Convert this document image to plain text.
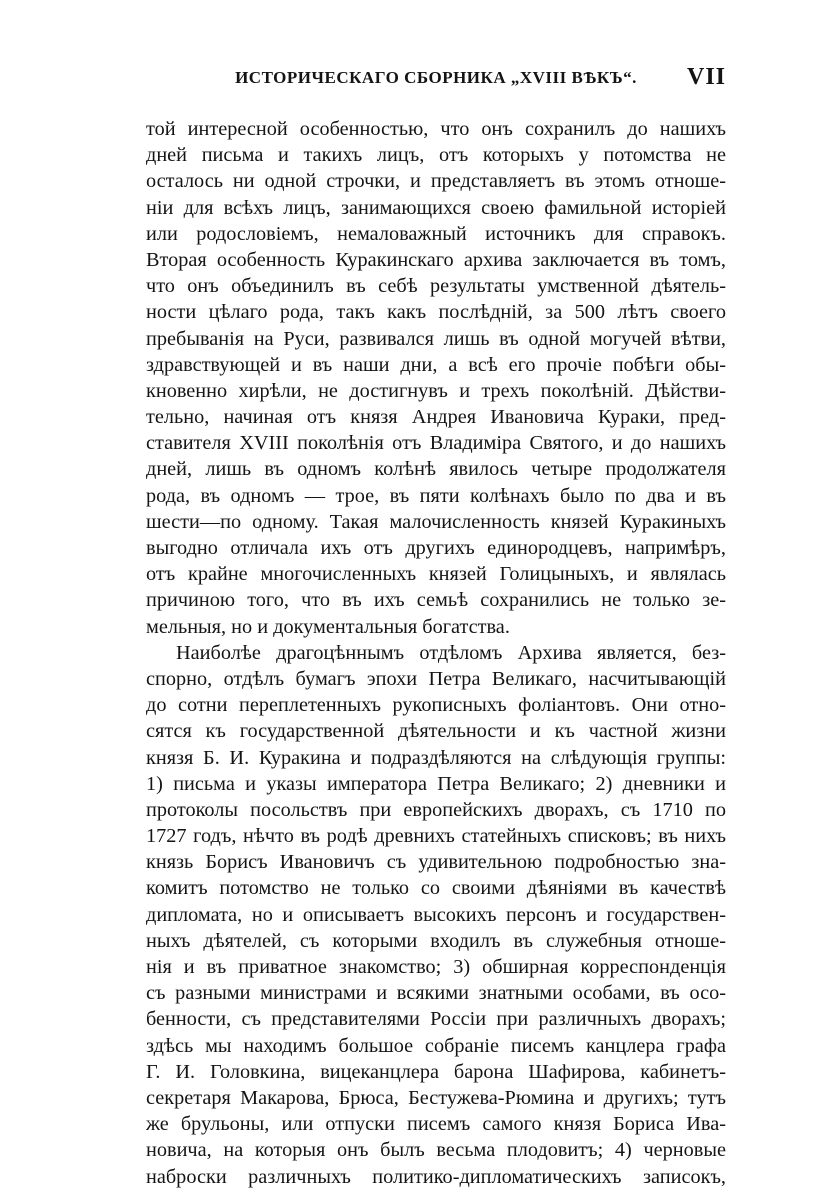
ИСТОРИЧЕСКАГО СБОРНИКА „XVIII ВѢКЪ“.	VII
той интересной особенностью, что онъ сохранилъ до нашихъ
дней письма и такихъ лицъ, отъ которыхъ у потомства не
осталось ни одной строчки, и представляетъ въ этомъ отноше-
ніи для всѣхъ лицъ, занимающихся своею фамильной исторіей
или родословіемъ, немаловажный источникъ для справокъ.
Вторая особенность Куракинскаго архива заключается въ томъ,
что онъ объединилъ въ себѣ результаты умственной дѣятель-
ности цѣлаго рода, такъ какъ послѣдній, за 500 лѣтъ своего
пребыванія на Руси, развивался лишь въ одной могучей вѣтви,
здравствующей и въ наши дни, а всѣ его прочіе побѣги обы-
кновенно хирѣли, не достигнувъ и трехъ поколѣній. Дѣйстви-
тельно, начиная отъ князя Андрея Ивановича Кураки, пред-
ставителя XVIII поколѣнія отъ Владиміра Святого, и до нашихъ
дней, лишь въ одномъ колѣнѣ явилось четыре продолжателя
рода, въ одномъ — трое, въ пяти колѣнахъ было по два и въ
шести—по одному. Такая малочисленность князей Куракиныхъ
выгодно отличала ихъ отъ другихъ единородцевъ, напримѣръ,
отъ крайне многочисленныхъ князей Голицыныхъ, и являлась
причиною того, что въ ихъ семьѣ сохранились не только зе-
мельныя, но и документальныя богатства.
Наиболѣе драгоцѣннымъ отдѣломъ Архива является, без-
спорно, отдѣлъ бумагъ эпохи Петра Великаго, насчитывающій
до сотни переплетенныхъ рукописныхъ фоліантовъ. Они отно-
сятся къ государственной дѣятельности и къ частной жизни
князя Б. И. Куракина и подраздѣляются на слѣдующія группы:
1) письма и указы императора Петра Великаго; 2) дневники и
протоколы посольствъ при европейскихъ дворахъ, съ 1710 по
1727 годъ, нѣчто въ родѣ древнихъ статейныхъ списковъ; въ нихъ
князь Борисъ Ивановичъ съ удивительною подробностью зна-
комитъ потомство не только со своими дѣяніями въ качествѣ
дипломата, но и описываетъ высокихъ персонъ и государствен-
ныхъ дѣятелей, съ которыми входилъ въ служебныя отноше-
нія и въ приватное знакомство; 3) обширная корреспонденція
съ разными министрами и всякими знатными особами, въ осо-
бенности, съ представителями Россіи при различныхъ дворахъ;
здѣсь мы находимъ большое собраніе писемъ канцлера графа
Г. И. Головкина, вицеканцлера барона Шафирова, кабинетъ-
секретаря Макарова, Брюса, Бестужева-Рюмина и другихъ; тутъ
же брульоны, или отпуски писемъ самого князя Бориса Ива-
новича, на которыя онъ былъ весьма плодовитъ; 4) черновые
наброски различныхъ политико-дипломатическихъ записокъ,
